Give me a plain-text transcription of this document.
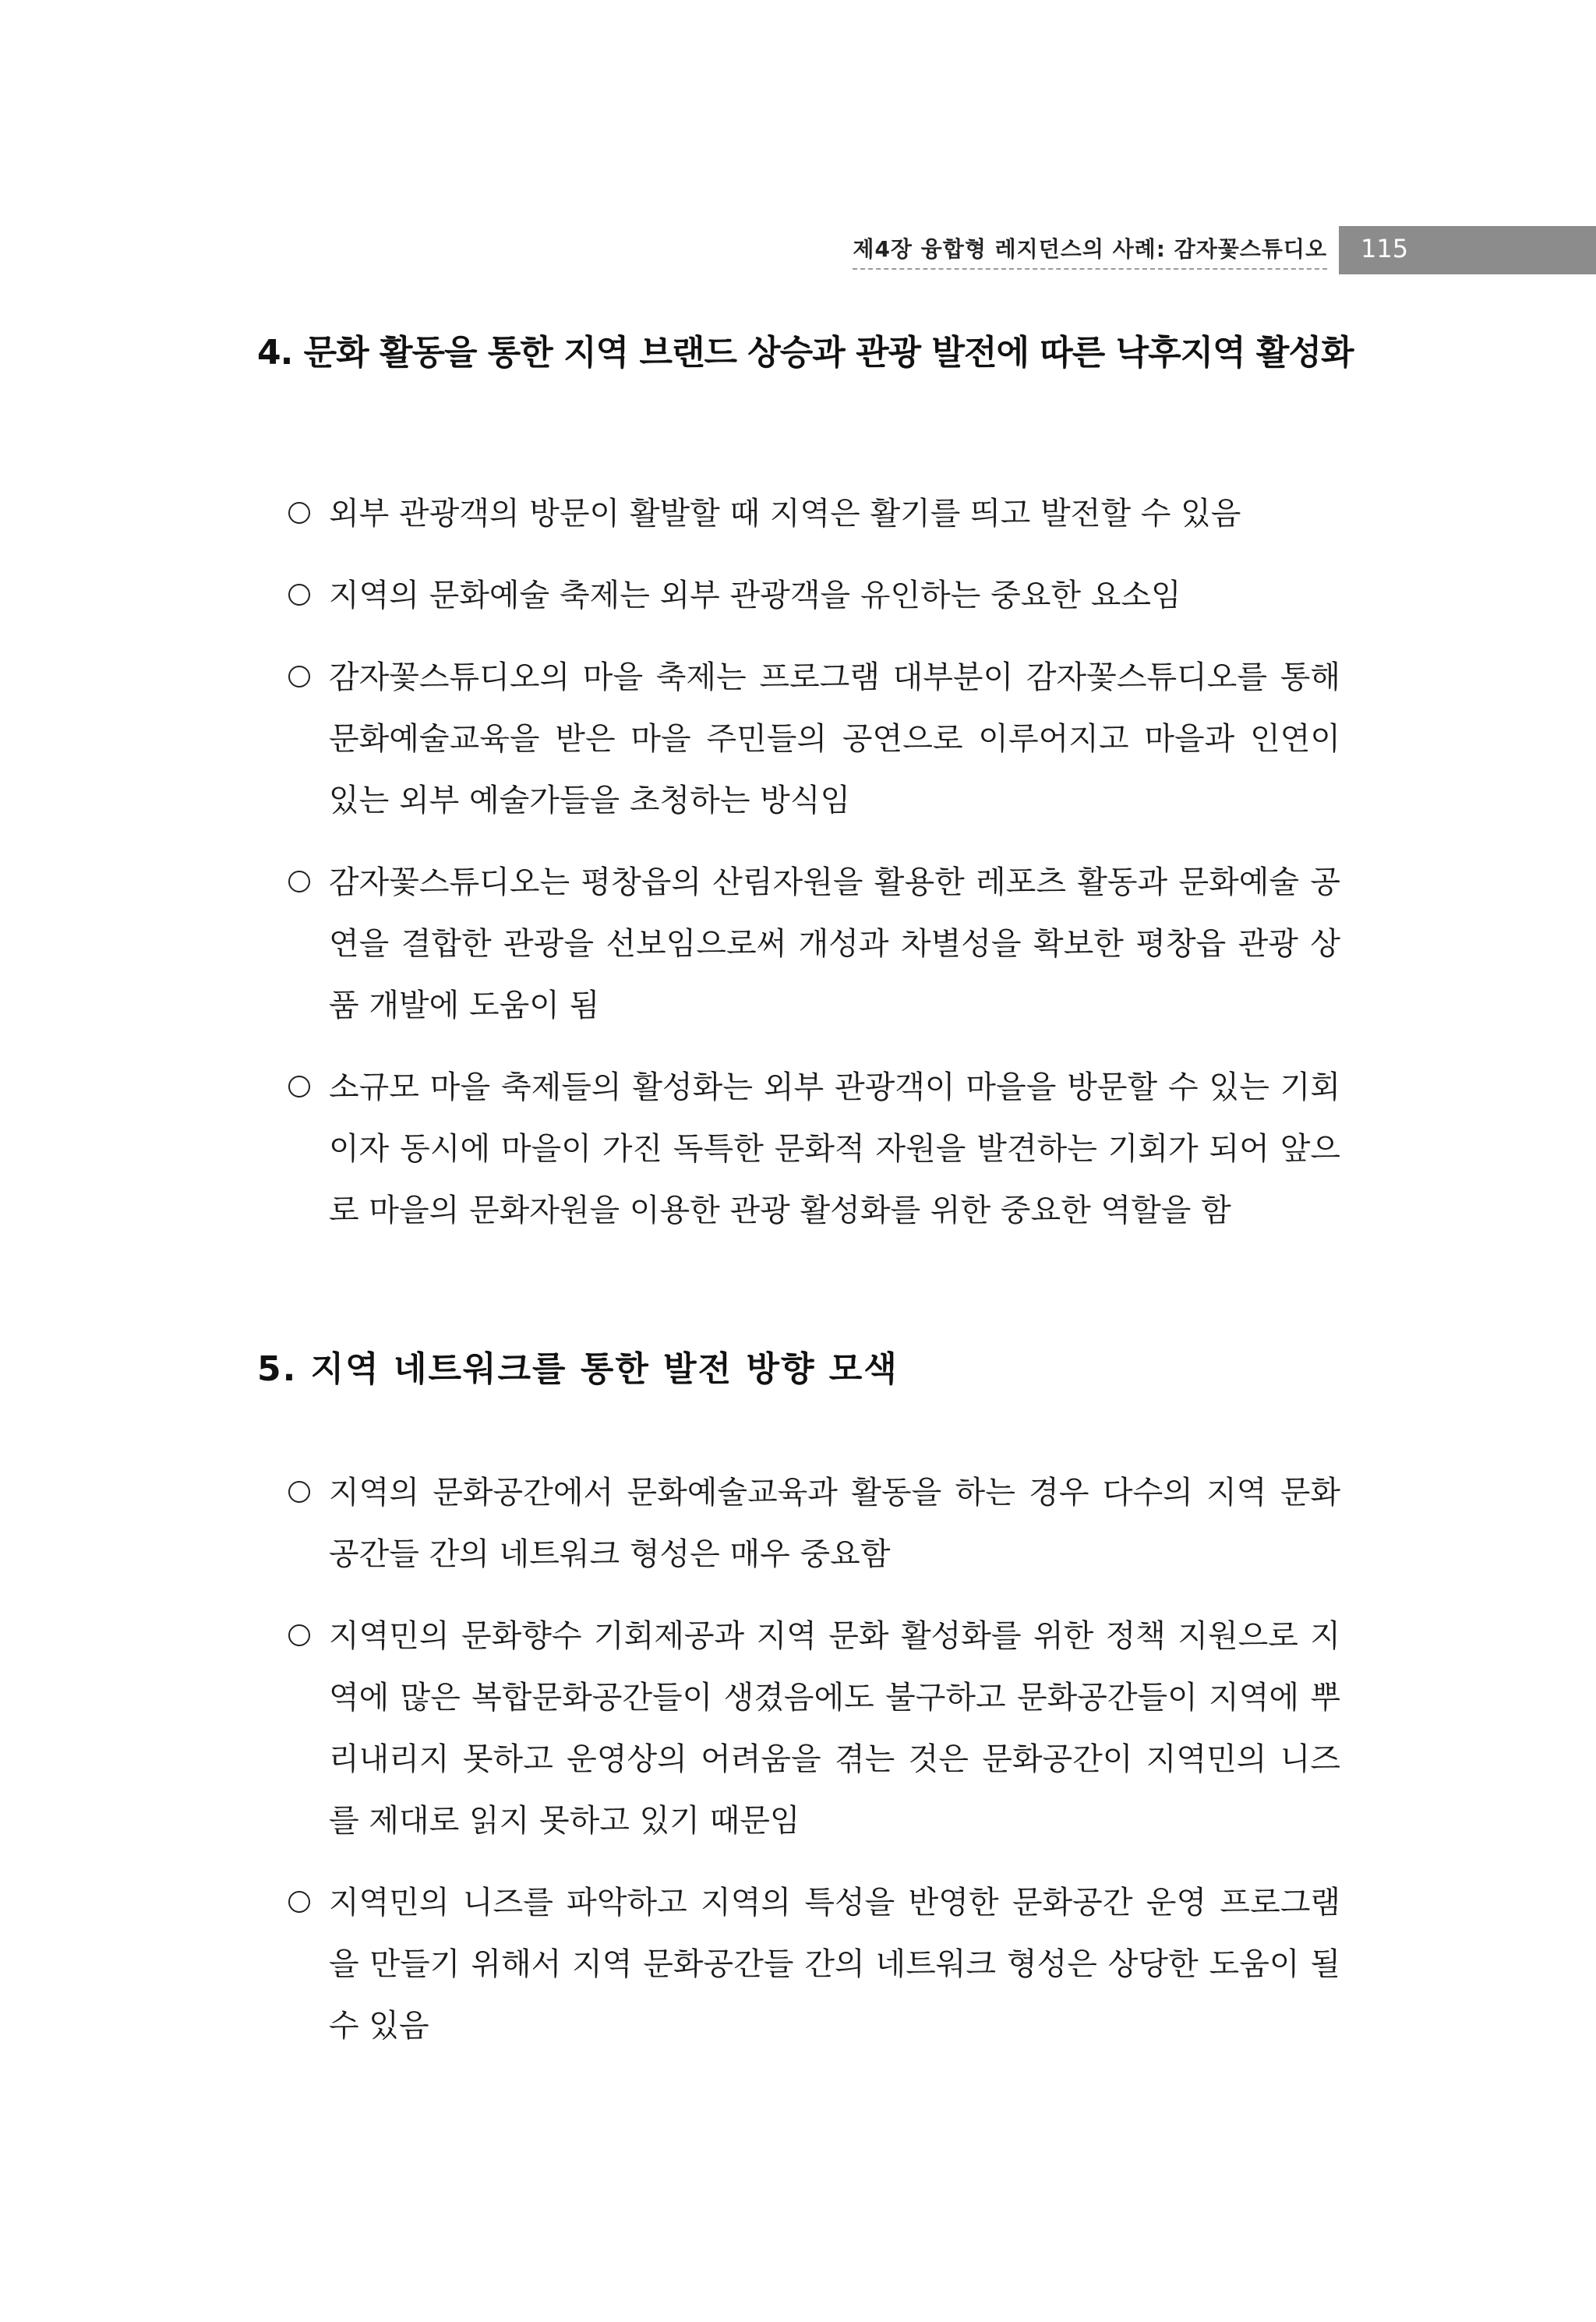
제4장 융합형 레지던스의 사례: 감자꽃스튜디오 115
4. 문화 활동을 통한 지역 브랜드 상승과 관광 발전에 따른 낙후지역 활성화
외부 관광객의 방문이 활발할 때 지역은 활기를 띄고 발전할 수 있음
지역의 문화예술 축제는 외부 관광객을 유인하는 중요한 요소임
감자꽃스튜디오의 마을 축제는 프로그램 대부분이 감자꽃스튜디오를 통해 문화예술교육을 받은 마을 주민들의 공연으로 이루어지고 마을과 인연이 있는 외부 예술가들을 초청하는 방식임
감자꽃스튜디오는 평창읍의 산림자원을 활용한 레포츠 활동과 문화예술 공연을 결합한 관광을 선보임으로써 개성과 차별성을 확보한 평창읍 관광 상품 개발에 도움이 됨
소규모 마을 축제들의 활성화는 외부 관광객이 마을을 방문할 수 있는 기회이자 동시에 마을이 가진 독특한 문화적 자원을 발견하는 기회가 되어 앞으로 마을의 문화자원을 이용한 관광 활성화를 위한 중요한 역할을 함
5. 지역 네트워크를 통한 발전 방향 모색
지역의 문화공간에서 문화예술교육과 활동을 하는 경우 다수의 지역 문화공간들 간의 네트워크 형성은 매우 중요함
지역민의 문화향수 기회제공과 지역 문화 활성화를 위한 정책 지원으로 지역에 많은 복합문화공간들이 생겼음에도 불구하고 문화공간들이 지역에 뿌리내리지 못하고 운영상의 어려움을 겪는 것은 문화공간이 지역민의 니즈를 제대로 읽지 못하고 있기 때문임
지역민의 니즈를 파악하고 지역의 특성을 반영한 문화공간 운영 프로그램을 만들기 위해서 지역 문화공간들 간의 네트워크 형성은 상당한 도움이 될 수 있음
